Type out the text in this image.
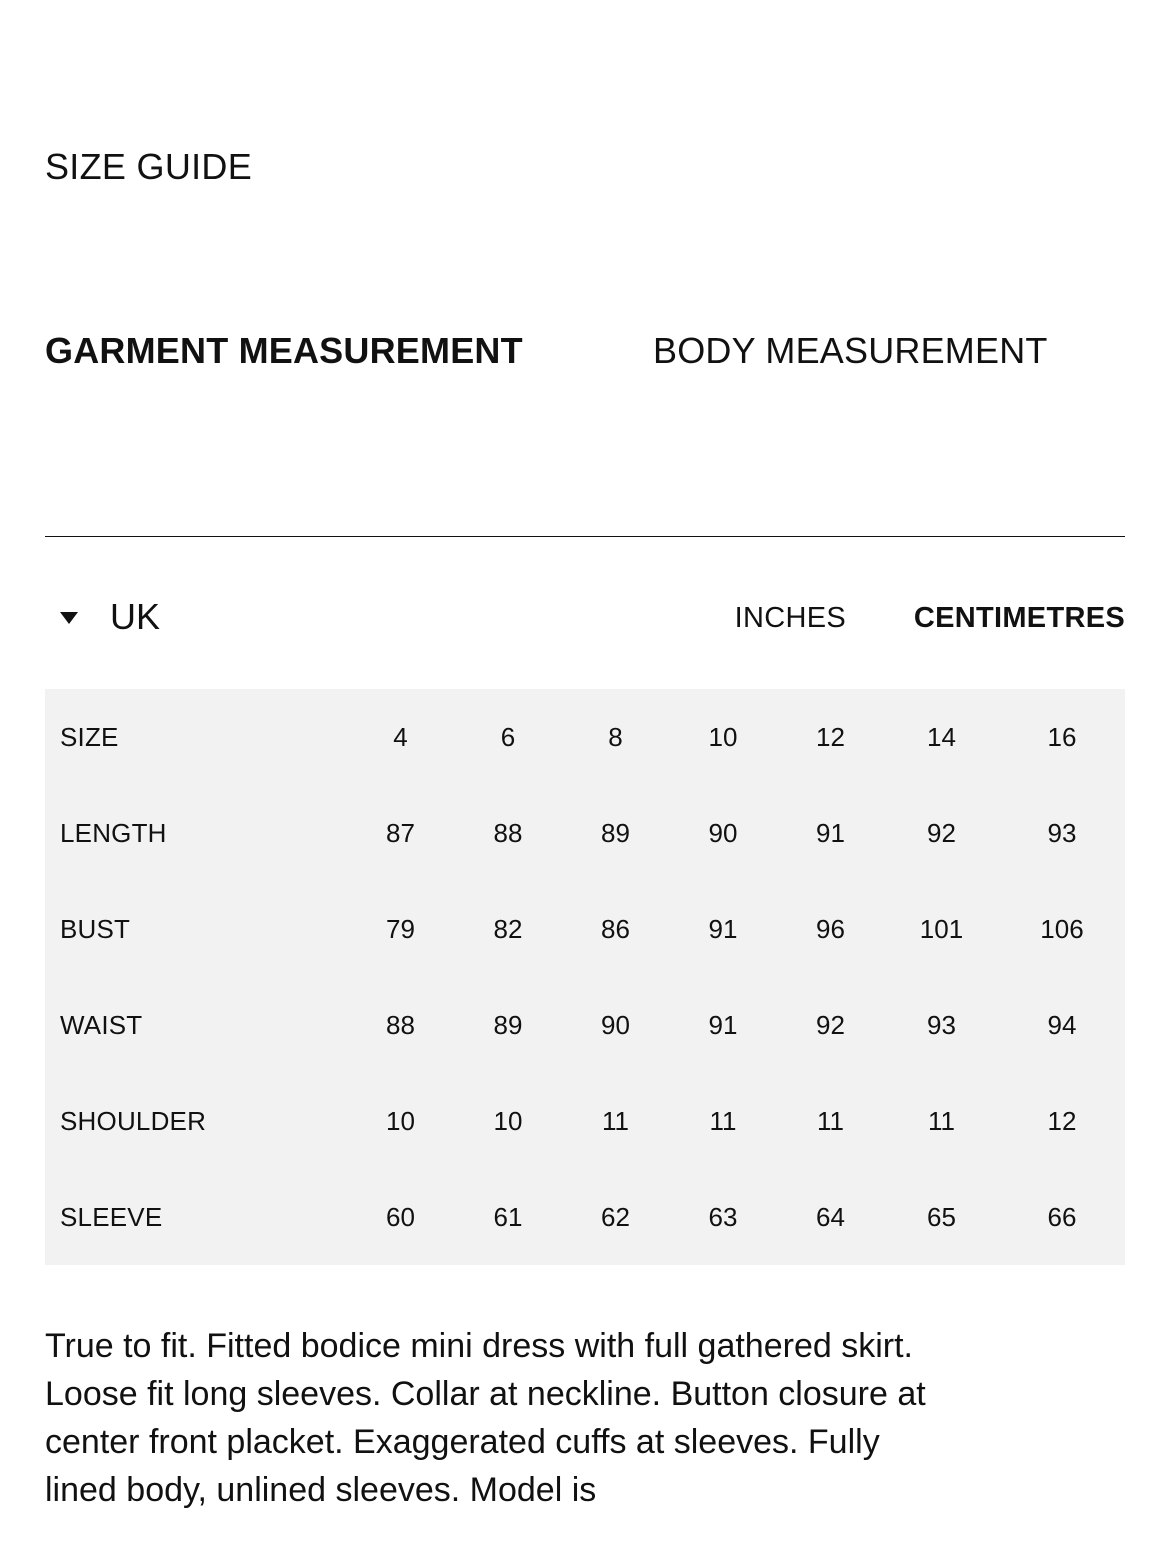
SIZE GUIDE
GARMENT MEASUREMENT	BODY MEASUREMENT
UK	INCHES CENTIMETRES
SIZE	4	6	8	10	12	14	16
LENGTH	87	88	89	90	91	92	93
BUST	79	82	86	91	96	101	106
WAIST	88	89	90	91	92	93	94
SHOULDER	10	10	11	11	11	11	12
SLEEVE	60	61	62	63	64	65	66

True to fit. Fitted bodice mini dress with full gathered skirt. Loose fit long sleeves. Collar at neckline. Button closure at center front placket. Exaggerated cuffs at sleeves. Fully lined body, unlined sleeves. Model is
